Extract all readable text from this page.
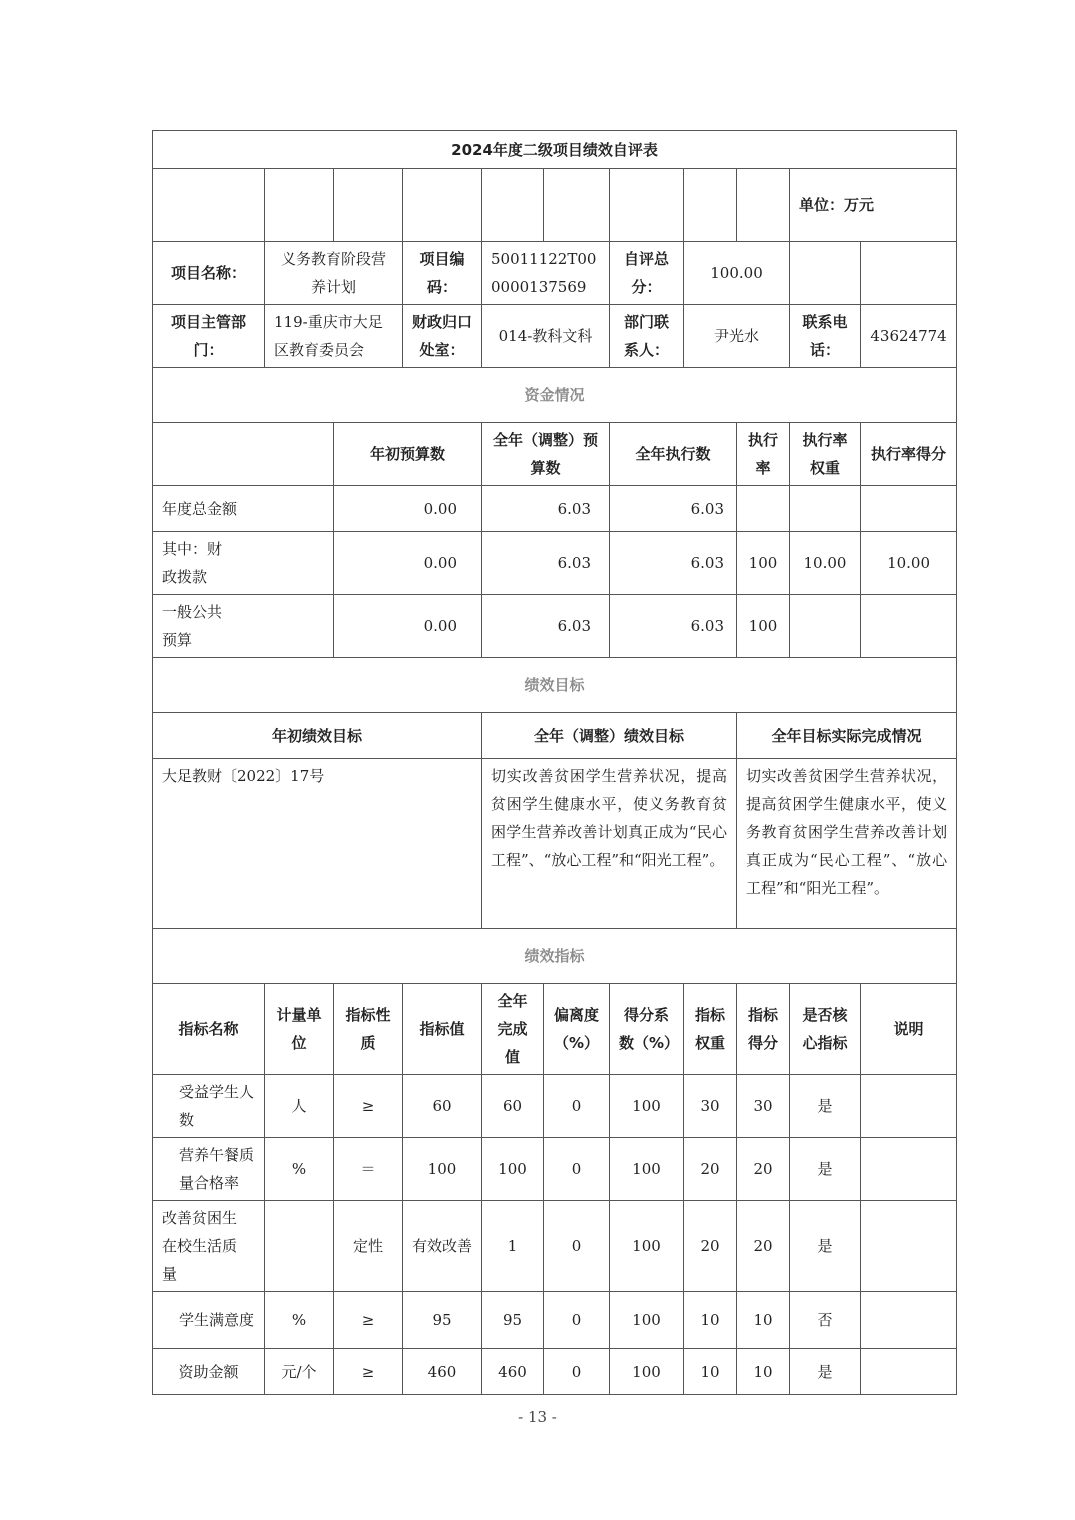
2024年度二级项目绩效自评表										
									单位：万元	
项目名称：	义务教育阶段营养计划		项目编码：	50011122T000000137569		自评总分：	100.00			
项目主管部门：	119-重庆市大足区教育委员会		财政归口处室：	014-教科文科		部门联系人：	尹光水		联系电话：	43624774
资金情况										
		年初预算数		全年（调整）预算数		全年执行数		执行率	执行率权重	执行率得分
年度总金额		0.00		6.03		6.03				
其中：财政拨款		0.00		6.03		6.03		100	10.00	10.00
一般公共预算		0.00		6.03		6.03		100		
绩效目标										
年初绩效目标				全年（调整）绩效目标				全年目标实际完成情况		
大足教财〔2022〕17号				切实改善贫困学生营养状况，提高贫困学生健康水平，使义务教育贫困学生营养改善计划真正成为“民心工程”、“放心工程”和“阳光工程”。				切实改善贫困学生营养状况，提高贫困学生健康水平，使义务教育贫困学生营养改善计划真正成为“民心工程”、“放心工程”和“阳光工程”。		
绩效指标										
指标名称	计量单位	指标性质	指标值	全年完成值	偏离度（%）	得分系数（%）	指标权重	指标得分	是否核心指标	说明
受益学生人数	人	≥	60	60	0	100	30	30	是	
营养午餐质量合格率	%	＝	100	100	0	100	20	20	是	
改善贫困生在校生活质量		定性	有效改善	1	0	100	20	20	是	
学生满意度	%	≥	95	95	0	100	10	10	否	
资助金额	元/个	≥	460	460	0	100	10	10	是	
- 13 -
